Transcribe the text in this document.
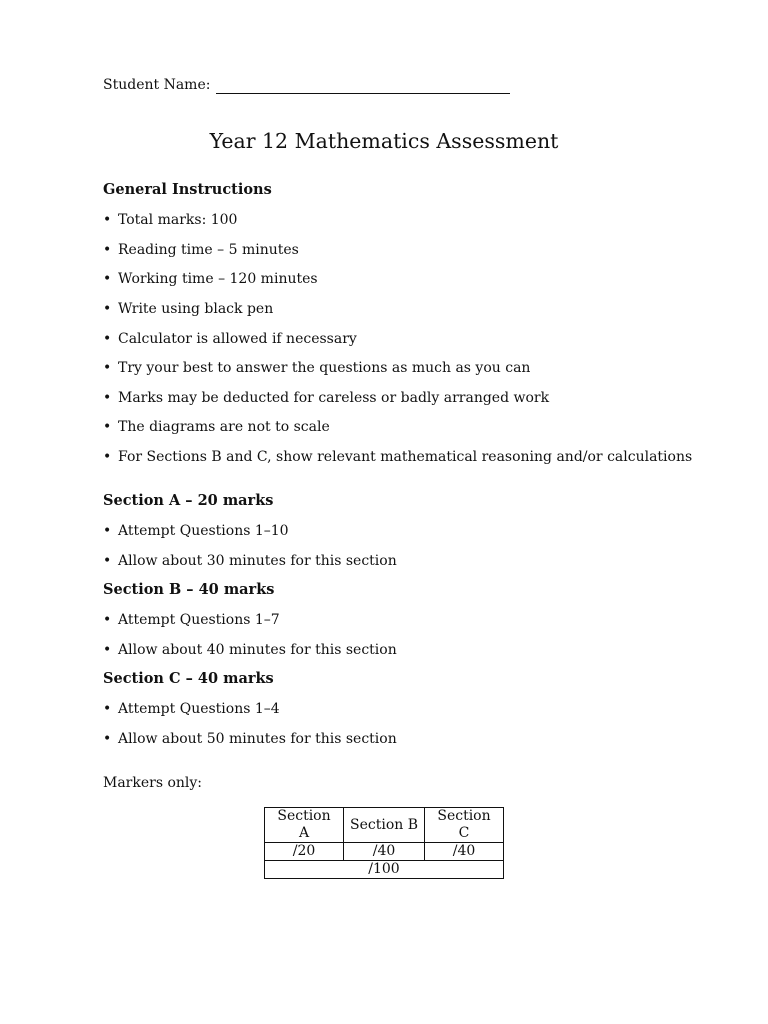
Student Name:
Year 12 Mathematics Assessment
General Instructions
• Total marks: 100
• Reading time – 5 minutes
• Working time – 120 minutes
• Write using black pen
• Calculator is allowed if necessary
• Try your best to answer the questions as much as you can
• Marks may be deducted for careless or badly arranged work
• The diagrams are not to scale
• For Sections B and C, show relevant mathematical reasoning and/or calculations
Section A – 20 marks
• Attempt Questions 1–10
• Allow about 30 minutes for this section
Section B – 40 marks
• Attempt Questions 1–7
• Allow about 40 minutes for this section
Section C – 40 marks
• Attempt Questions 1–4
• Allow about 50 minutes for this section
Markers only:
Section A	Section B	Section C
/20	/40	/40
/100		
